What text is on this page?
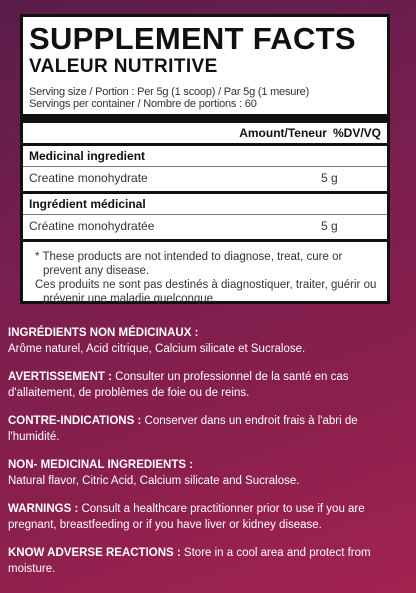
SUPPLEMENT FACTS
VALEUR NUTRITIVE
Serving size / Portion : Per 5g (1 scoop) / Par 5g (1 mesure)
Servings per container / Nombre de portions : 60
Amount/Teneur %DV/VQ
Medicinal ingredient
Creatine monohydrate	5 g
Ingrédient médicinal
Créatine monohydratée	5 g

* These products are not intended to diagnose, treat, cure or prevent any disease.

Ces produits ne sont pas destinés à diagnostiquer, traiter, guérir ou prévenir une maladie quelconque.

INGRÉDIENTS NON MÉDICINAUX :
Arôme naturel, Acid citrique, Calcium silicate et Sucralose.
AVERTISSEMENT : Consulter un professionnel de la santé en cas d'allaitement, de problèmes de foie ou de reins.
CONTRE-INDICATIONS : Conserver dans un endroit frais à l'abri de l'humidité.
NON- MEDICINAL INGREDIENTS :
Natural flavor, Citric Acid, Calcium silicate and Sucralose.
WARNINGS : Consult a healthcare practitionner prior to use if you are pregnant, breastfeeding or if you have liver or kidney disease.
KNOW ADVERSE REACTIONS : Store in a cool area and protect from moisture.
